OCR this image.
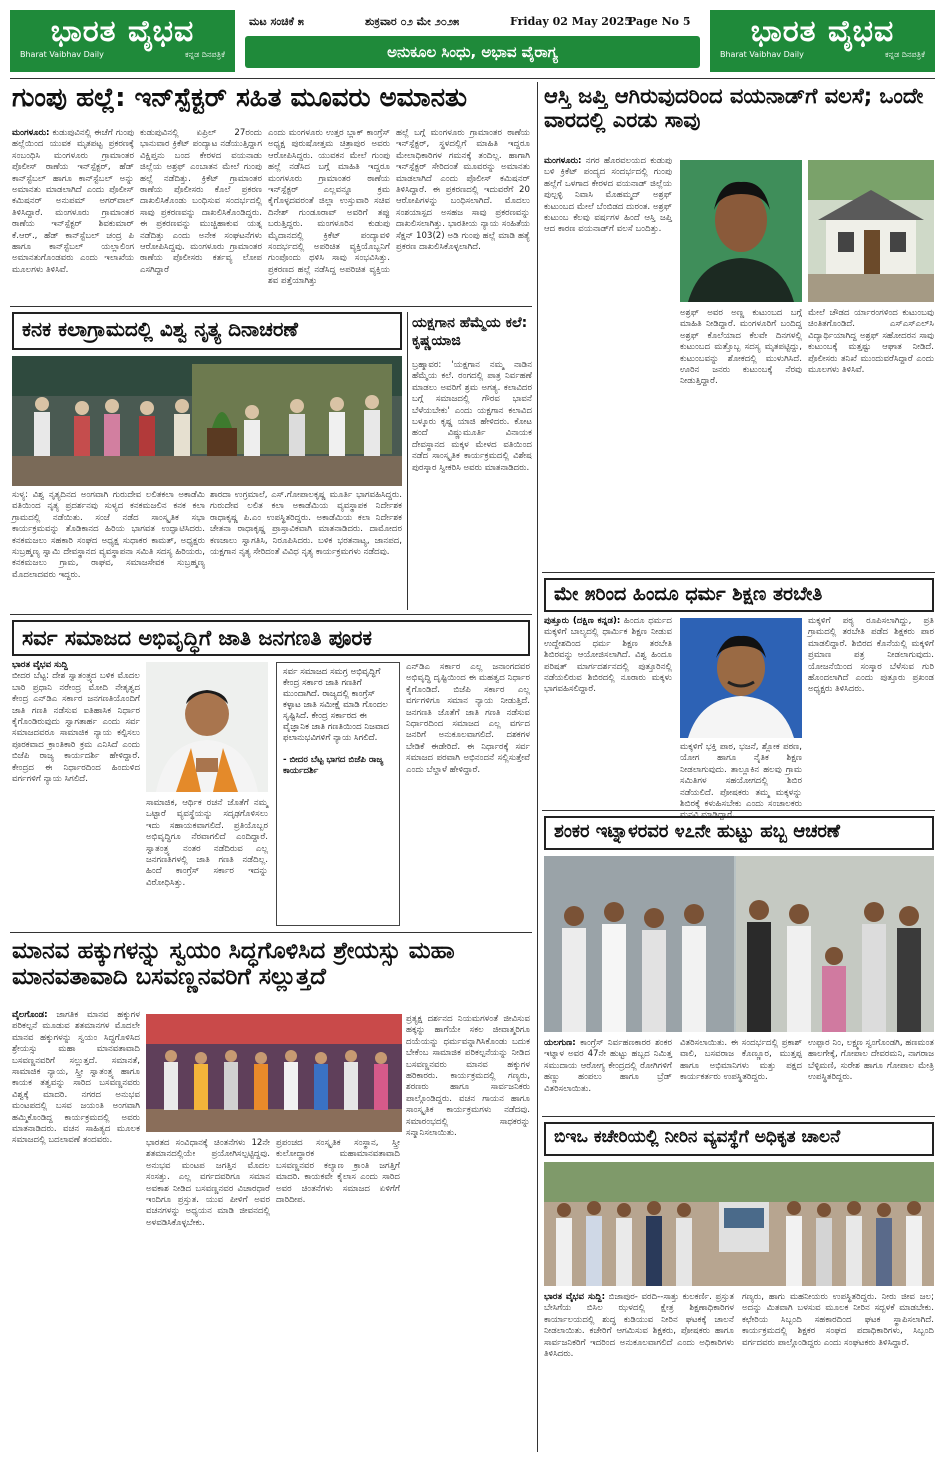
ಭಾರತ ವೈಭವ
Bharat Vaibhav Daily	ಕನ್ನಡ ದಿನಪತ್ರಿಕೆ
ಮಟ ಸಂಚಿಕೆ ೫	ಶುಕ್ರವಾರ ೦೨ ಮೇ ೨೦೨೫	Friday 02 May 2025
Page No 5
ಅನುಕೂಲ ಸಿಂಧು, ಅಭಾವ ವೈರಾಗ್ಯ
ಭಾರತ ವೈಭವ
Bharat Vaibhav Daily	ಕನ್ನಡ ದಿನಪತ್ರಿಕೆ
ಗುಂಪು ಹಲ್ಲೆ: ಇನ್‌ಸ್ಪೆಕ್ಟರ್ ಸಹಿತ ಮೂವರು ಅಮಾನತು
ಮಂಗಳೂರು: ಕುಡುಪುವಿನಲ್ಲಿ ಈಚೆಗೆ ಗುಂಪು ಹಲ್ಲೆಯಿಂದ ಯುವಕ ಮೃತಪಟ್ಟ ಪ್ರಕರಣಕ್ಕೆ ಸಂಬಂಧಿಸಿ ಮಂಗಳೂರು ಗ್ರಾಮಾಂತರ ಪೊಲೀಸ್ ಠಾಣೆಯ ಇನ್‌ಸ್ಪೆಕ್ಟರ್, ಹೆಡ್ ಕಾನ್‌ಸ್ಟೆಬಲ್ ಹಾಗೂ ಕಾನ್‌ಸ್ಟೆಬಲ್ ಅನ್ನು ಅಮಾನತು ಮಾಡಲಾಗಿದೆ ಎಂದು ಪೊಲೀಸ್ ಕಮಿಷನರ್ ಅನುಪಮ್ ಅಗರ್‌ವಾಲ್ ತಿಳಿಸಿದ್ದಾರೆ. ಮಂಗಳೂರು ಗ್ರಾಮಾಂತರ ಠಾಣೆಯ ಇನ್‌ಸ್ಪೆಕ್ಟರ್ ಶಿವಕುಮಾರ್ ಕೆ.ಆರ್., ಹೆಡ್ ಕಾನ್‌ಸ್ಟೆಬಲ್ ಚಂದ್ರ ಪಿ ಹಾಗೂ ಕಾನ್‌ಸ್ಟೆಬಲ್ ಯಲ್ಲಾಲಿಂಗ ಅಮಾನತುಗೊಂಡವರು ಎಂದು ಇಲಾಖೆಯ ಮೂಲಗಳು ತಿಳಿಸಿವೆ.
ಕುಡುಪುವಿನಲ್ಲಿ ಏಪ್ರಿಲ್ 27ರಂದು ಭಾನುವಾರ ಕ್ರಿಕೆಟ್ ಪಂದ್ಯಾಟ ನಡೆಯುತ್ತಿದ್ದಾಗ ವಿಕ್ಷಿಪ್ತನು ಬಂದ ಕೇರಳದ ವಯನಾಡು ಜಿಲ್ಲೆಯ ಅಶ್ರಫ್ ಎಂಬಾತನ ಮೇಲೆ ಗುಂಪು ಹಲ್ಲೆ ನಡೆದಿತ್ತು. ಕ್ರಿಕೆಟ್ ಗ್ರಾಮಾಂತರ ಠಾಣೆಯ ಪೊಲೀಸರು ಕೊಲೆ ಪ್ರಕರಣ ದಾಖಲಿಸಿಕೊಂಡು ಬಂಧಿಸುವ ಸಂದರ್ಭದಲ್ಲಿ ಸಾವು ಪ್ರಕರಣವನ್ನು ದಾಖಲಿಸಿಕೊಂಡಿದ್ದರು. ಈ ಪ್ರಕರಣವನ್ನು ಮುಚ್ಚಿಹಾಕುವ ಯತ್ನ ನಡೆದಿತ್ತು ಎಂದು ಅನೇಕ ಸಂಘಟನೆಗಳು ಆರೋಪಿಸಿದ್ದವು. ಮಂಗಳೂರು ಗ್ರಾಮಾಂತರ ಠಾಣೆಯ ಪೊಲೀಸರು ಕರ್ತವ್ಯ ಲೋಪ ಎಸಗಿದ್ದಾರೆ
ಎಂದು ಮಂಗಳೂರು ಉತ್ತರ ಬ್ಲಾಕ್ ಕಾಂಗ್ರೆಸ್ ಅಧ್ಯಕ್ಷ ಪುರುಷೋತ್ತಮ ಚಿತ್ರಾಪುರ ಅವರು ಆರೋಪಿಸಿದ್ದರು. ಯುವಕನ ಮೇಲೆ ಗುಂಪು ಹಲ್ಲೆ ನಡೆಸಿದ ಬಗ್ಗೆ ಮಾಹಿತಿ ಇದ್ದರೂ ಮಂಗಳೂರು ಗ್ರಾಮಾಂತರ ಠಾಣೆಯ ಇನ್‌ಸ್ಪೆಕ್ಟರ್ ಎಲ್ಲವನ್ನೂ ಕ್ರಮ ಕೈಗೊಳ್ಳದವರಂತೆ ಜಿಲ್ಲಾ ಉಸ್ತುವಾರಿ ಸಚಿವ ದಿನೇಶ್ ಗುಂಡೂರಾವ್ ಅವರಿಗೆ ತಪ್ಪು ಬರುತ್ತಿದ್ದರು. ಮಂಗಳೂರಿನ ಕುಡುಪು ಮೈದಾನದಲ್ಲಿ ಕ್ರಿಕೆಟ್ ಪಂದ್ಯಾವಳಿ ಸಂದರ್ಭದಲ್ಲಿ ಅಪರಿಚಿತ ವ್ಯಕ್ತಿಯೊಬ್ಬನಿಗೆ ಗುಂಪೊಂದು ಥಳಿಸಿ ಸಾವು ಸಂಭವಿಸಿತ್ತು. ಪ್ರಕರಣದ ಹಲ್ಲೆ ನಡೆಸಿದ್ದ ಅಪರಿಚಿತ ವ್ಯಕ್ತಿಯ ಶವ ಪತ್ತೆಯಾಗಿತ್ತು
ಹಲ್ಲೆ ಬಗ್ಗೆ ಮಂಗಳೂರು ಗ್ರಾಮಾಂತರ ಠಾಣೆಯ ಇನ್‌ಸ್ಪೆಕ್ಟರ್, ಸ್ಥಳದಲ್ಲಿಗೆ ಮಾಹಿತಿ ಇದ್ದರೂ ಮೇಲಾಧಿಕಾರಿಗಳ ಗಮನಕ್ಕೆ ತಂದಿಲ್ಲ. ಹಾಗಾಗಿ ಇನ್‌ಸ್ಪೆಕ್ಟರ್ ಸೇರಿದಂತೆ ಮೂವರನ್ನು ಅಮಾನತು ಮಾಡಲಾಗಿದೆ ಎಂದು ಪೊಲೀಸ್ ಕಮಿಷನರ್ ತಿಳಿಸಿದ್ದಾರೆ. ಈ ಪ್ರಕರಣದಲ್ಲಿ ಇದುವರೆಗೆ 20 ಆರೋಪಿಗಳನ್ನು ಬಂಧಿಸಲಾಗಿದೆ. ಮೊದಲು ಸಂಶಯಾಸ್ಪದ ಅಸಹಜ ಸಾವು ಪ್ರಕರಣವನ್ನು ದಾಖಲಿಸಲಾಗಿತ್ತು. ಭಾರತೀಯ ನ್ಯಾಯ ಸಂಹಿತೆಯ ಸೆಕ್ಷನ್ 103(2) ಅಡಿ ಗುಂಪು ಹಲ್ಲೆ ಮಾಡಿ ಹತ್ಯೆ ಪ್ರಕರಣ ದಾಖಲಿಸಿಕೊಳ್ಳಲಾಗಿದೆ.
ಕನಕ ಕಲಾಗ್ರಾಮದಲ್ಲಿ ವಿಶ್ವ ನೃತ್ಯ ದಿನಾಚರಣೆ
ಸುಳ್ಯ: ವಿಶ್ವ ನೃತ್ಯದಿನದ ಅಂಗವಾಗಿ ಗುರುದೇವ ಲಲಿತಕಲಾ ಅಕಾಡೆಮಿ ವತಿಯಿಂದ ನೃತ್ಯ ಪ್ರದರ್ಶನವು ಸುಳ್ಯದ ಕನಕಮಜಲಿನ ಕನಕ ಕಲಾ ಗ್ರಾಮದಲ್ಲಿ ನಡೆಯಿತು. ಸಂಜೆ ನಡೆದ ಸಾಂಸ್ಕೃತಿಕ ಸಭಾ ಕಾರ್ಯಕ್ರಮವನ್ನು ತೊಡಿಕಾನದ ಹಿರಿಯ ಭಾಗವತ ಉದ್ಘಾಟಿಸಿದರು. ಕನಕಮಜಲು ಸಹಕಾರಿ ಸಂಘದ ಅಧ್ಯಕ್ಷ ಸುಧಾಕರ ಕಾಮತ್, ಅಧ್ಯಕ್ಷರು ಸುಬ್ರಹ್ಮಣ್ಯ ಸ್ವಾಮಿ ದೇವಸ್ಥಾನದ ವ್ಯವಸ್ಥಾಪನಾ ಸಮಿತಿ ಸದಸ್ಯ ಹಿರಿಯರು, ಕನಕಮಜಲು ಗ್ರಾಮ, ರಾಘವ, ಸಮಾಜಸೇವಕ ಸುಬ್ರಹ್ಮಣ್ಯ ಮೊದಲಾದವರು ಇದ್ದರು.
ಶಾರದಾ ಉಗ್ರಮಾಲೆ, ಎಸ್.ಗೋಪಾಲಕೃಷ್ಣ ಮೂರ್ತಿ ಭಾಗವಹಿಸಿದ್ದರು. ಗುರುದೇವ ಲಲಿತ ಕಲಾ ಅಕಾಡೆಮಿಯ ವ್ಯವಸ್ಥಾಪಕ ನಿರ್ದೇಶಕ ರಾಧಾಕೃಷ್ಣ ಪಿ.ಎಂ ಉಪಸ್ಥಿತರಿದ್ದರು. ಅಕಾಡೆಮಿಯ ಕಲಾ ನಿರ್ದೇಶಕ ಚೇತನಾ ರಾಧಾಕೃಷ್ಣ ಪ್ರಾಸ್ತಾವಿಕವಾಗಿ ಮಾತನಾಡಿದರು. ದಾಮೋದರ ಕಣಜಾಲು ಸ್ವಾಗತಿಸಿ, ನಿರೂಪಿಸಿದರು. ಬಳಿಕ ಭರತನಾಟ್ಯ, ಜಾನಪದ, ಯಕ್ಷಗಾನ ನೃತ್ಯ ಸೇರಿದಂತೆ ವಿವಿಧ ನೃತ್ಯ ಕಾರ್ಯಕ್ರಮಗಳು ನಡೆದವು.
ಯಕ್ಷಗಾನ ಹೆಮ್ಮೆಯ ಕಲೆ: ಕೃಷ್ಣಯಾಜಿ
ಬ್ರಹ್ಮಾವರ: 'ಯಕ್ಷಗಾನ ನಮ್ಮ ನಾಡಿನ ಹೆಮ್ಮೆಯ ಕಲೆ. ರಂಗದಲ್ಲಿ ಪಾತ್ರ ನಿರ್ವಹಣೆ ಮಾಡಲು ಅವರಿಗೆ ಶ್ರಮ ಅಗತ್ಯ. ಕಲಾವಿದರ ಬಗ್ಗೆ ಸಮಾಜದಲ್ಲಿ ಗೌರವ ಭಾವನೆ ಬೆಳೆಯಬೇಕು' ಎಂದು ಯಕ್ಷಗಾನ ಕಲಾವಿದ ಬಳ್ಕೂರು ಕೃಷ್ಣ ಯಾಜಿ ಹೇಳಿದರು. ಕೋಟ ಹಂದೆ ವಿಷ್ಣುಮೂರ್ತಿ ವಿನಾಯಕ ದೇವಸ್ಥಾನದ ಮಕ್ಕಳ ಮೇಳದ ವತಿಯಿಂದ ನಡೆದ ಸಾಂಸ್ಕೃತಿಕ ಕಾರ್ಯಕ್ರಮದಲ್ಲಿ ವಿಶೇಷ ಪುರಸ್ಕಾರ ಸ್ವೀಕರಿಸಿ ಅವರು ಮಾತನಾಡಿದರು.
ಸರ್ವ ಸಮಾಜದ ಅಭಿವೃದ್ಧಿಗೆ ಜಾತಿ ಜನಗಣತಿ ಪೂರಕ
ಭಾರತ ವೈಭವ ಸುದ್ದಿ
ಬೀದರ ಬೆಟ್ಟ: ದೇಶ ಸ್ವಾತಂತ್ರ್ಯದ ಬಳಿಕ ಮೊದಲ ಬಾರಿ ಪ್ರಧಾನಿ ನರೇಂದ್ರ ಮೋದಿ ನೇತೃತ್ವದ ಕೇಂದ್ರ ಎನ್‌ಡಿಎ ಸರ್ಕಾರ ಜನಗಣತಿಯೊಂದಿಗೆ ಜಾತಿ ಗಣತಿ ನಡೆಸುವ ಐತಿಹಾಸಿಕ ನಿರ್ಧಾರ ಕೈಗೊಂಡಿರುವುದು ಸ್ವಾಗತಾರ್ಹ ಎಂದು ಸರ್ವ ಸಮಾಜದವರೂ ಸಾಮಾಜಿಕ ನ್ಯಾಯ ಕಲ್ಪಿಸಲು ಪೂರಕವಾದ ಕ್ರಾಂತಿಕಾರಿ ಕ್ರಮ ಎನಿಸಿದೆ ಎಂದು ಬಿಜೆಪಿ ರಾಜ್ಯ ಕಾರ್ಯದರ್ಶಿ ಹೇಳಿದ್ದಾರೆ. ಕೇಂದ್ರದ ಈ ನಿರ್ಧಾರದಿಂದ ಹಿಂದುಳಿದ ವರ್ಗಗಳಿಗೆ ನ್ಯಾಯ ಸಿಗಲಿದೆ.
ಸಾಮಾಜಿಕ, ಆರ್ಥಿಕ ರಚನೆ ಜೊತೆಗೆ ನಮ್ಮ ಒಟ್ಟಾರೆ ವ್ಯವಸ್ಥೆಯನ್ನು ಸದೃಢಗೊಳಿಸಲು ಇದು ಸಹಾಯಕವಾಗಲಿದೆ. ಪ್ರತಿಯೊಬ್ಬರ ಅಭಿವೃದ್ಧಿಗೂ ನೆರವಾಗಲಿದೆ ಎಂದಿದ್ದಾರೆ. ಸ್ವಾತಂತ್ರ್ಯ ನಂತರ ನಡೆದಿರುವ ಎಲ್ಲ ಜನಗಣತಿಗಳಲ್ಲಿ ಜಾತಿ ಗಣತಿ ನಡೆದಿಲ್ಲ. ಹಿಂದೆ ಕಾಂಗ್ರೆಸ್ ಸರ್ಕಾರ ಇದನ್ನು ವಿರೋಧಿಸಿತ್ತು.
ಸರ್ವ ಸಮಾಜದ ಸಮಗ್ರ ಅಭಿವೃದ್ಧಿಗೆ ಕೇಂದ್ರ ಸರ್ಕಾರ ಜಾತಿ ಗಣತಿಗೆ ಮುಂದಾಗಿದೆ. ರಾಜ್ಯದಲ್ಲಿ ಕಾಂಗ್ರೆಸ್ ಕಳ್ಳಾಟ ಜಾತಿ ಸಮೀಕ್ಷೆ ಮಾಡಿ ಗೊಂದಲ ಸೃಷ್ಟಿಸಿದೆ. ಕೇಂದ್ರ ಸರ್ಕಾರದ ಈ ವೈಜ್ಞಾನಿಕ ಜಾತಿ ಗಣತಿಯಿಂದ ನಿಜವಾದ ಫಲಾನುಭವಿಗಳಿಗೆ ನ್ಯಾಯ ಸಿಗಲಿದೆ.

- ಬೀದರ ಬೆಟ್ಟ ಭಾಗದ ಬಿಜೆಪಿ ರಾಜ್ಯ ಕಾರ್ಯದರ್ಶಿ
ಎನ್‌ಡಿಎ ಸರ್ಕಾರ ಎಲ್ಲ ಜನಾಂಗದವರ ಅಭಿವೃದ್ಧಿ ದೃಷ್ಟಿಯಿಂದ ಈ ಮಹತ್ವದ ನಿರ್ಧಾರ ಕೈಗೊಂಡಿದೆ. ಬಿಜೆಪಿ ಸರ್ಕಾರ ಎಲ್ಲ ವರ್ಗಗಳಿಗೂ ಸಮಾನ ನ್ಯಾಯ ನೀಡುತ್ತಿದೆ. ಜನಗಣತಿ ಜೊತೆಗೆ ಜಾತಿ ಗಣತಿ ನಡೆಸುವ ನಿರ್ಧಾರದಿಂದ ಸಮಾಜದ ಎಲ್ಲ ವರ್ಗದ ಜನರಿಗೆ ಅನುಕೂಲವಾಗಲಿದೆ. ದಶಕಗಳ ಬೇಡಿಕೆ ಈಡೇರಿದೆ. ಈ ನಿರ್ಧಾರಕ್ಕೆ ಸರ್ವ ಸಮಾಜದ ಪರವಾಗಿ ಅಭಿನಂದನೆ ಸಲ್ಲಿಸುತ್ತೇವೆ ಎಂದು ಬೆಲ್ದಾಳೆ ಹೇಳಿದ್ದಾರೆ.
ಮಾನವ ಹಕ್ಕುಗಳನ್ನು ಸ್ವಯಂ ಸಿದ್ಧಗೊಳಿಸಿದ ಶ್ರೇಯಸ್ಸು ಮಹಾ ಮಾನವತಾವಾದಿ ಬಸವಣ್ಣನವರಿಗೆ ಸಲ್ಲುತ್ತದೆ
ವೈಲಗೊಂಡ: ಜಾಗತಿಕ ಮಾನವ ಹಕ್ಕುಗಳ ಪರಿಕಲ್ಪನೆ ಮೂಡುವ ಶತಮಾನಗಳ ಮೊದಲೇ ಮಾನವ ಹಕ್ಕುಗಳನ್ನು ಸ್ವಯಂ ಸಿದ್ಧಗೊಳಿಸಿದ ಶ್ರೇಯಸ್ಸು ಮಹಾ ಮಾನವತಾವಾದಿ ಬಸವಣ್ಣನವರಿಗೆ ಸಲ್ಲುತ್ತದೆ. ಸಮಾನತೆ, ಸಾಮಾಜಿಕ ನ್ಯಾಯ, ಸ್ತ್ರೀ ಸ್ವಾತಂತ್ರ್ಯ ಹಾಗೂ ಕಾಯಕ ತತ್ವವನ್ನು ಸಾರಿದ ಬಸವಣ್ಣನವರು ವಿಶ್ವಕ್ಕೆ ಮಾದರಿ. ನಗರದ ಅನುಭವ ಮಂಟಪದಲ್ಲಿ ಬಸವ ಜಯಂತಿ ಅಂಗವಾಗಿ ಹಮ್ಮಿಕೊಂಡಿದ್ದ ಕಾರ್ಯಕ್ರಮದಲ್ಲಿ ಅವರು ಮಾತನಾಡಿದರು. ವಚನ ಸಾಹಿತ್ಯದ ಮೂಲಕ ಸಮಾಜದಲ್ಲಿ ಬದಲಾವಣೆ ತಂದವರು.	ಭಾರತದ ಸಂವಿಧಾನಕ್ಕೆ ಚಿಂತನೆಗಳು 12ನೇ ಶತಮಾನದಲ್ಲಿಯೇ ಪ್ರಯೋಗಿಸಲ್ಪಟ್ಟಿದ್ದವು. ಅನುಭವ ಮಂಟಪ ಜಗತ್ತಿನ ಮೊದಲ ಸಂಸತ್ತು. ಎಲ್ಲ ವರ್ಗದವರಿಗೂ ಸಮಾನ ಅವಕಾಶ ನೀಡಿದ ಬಸವಣ್ಣನವರ ವಿಚಾರಧಾರೆ ಇಂದಿಗೂ ಪ್ರಸ್ತುತ. ಯುವ ಪೀಳಿಗೆ ಅವರ ವಚನಗಳನ್ನು ಅಧ್ಯಯನ ಮಾಡಿ ಜೀವನದಲ್ಲಿ ಅಳವಡಿಸಿಕೊಳ್ಳಬೇಕು.
ಪ್ರಪಂಚದ ಸಂಸ್ಕೃತಿಕ ಸಂಸ್ಥಾನ, ಸ್ತ್ರೀ ಕುಲೋದ್ಧಾರಕ ಮಹಾಮಾನವತಾವಾದಿ ಬಸವಣ್ಣನವರ ಕಲ್ಯಾಣ ಕ್ರಾಂತಿ ಜಗತ್ತಿಗೆ ಮಾದರಿ. ಕಾಯಕವೇ ಕೈಲಾಸ ಎಂದು ಸಾರಿದ ಅವರ ಚಿಂತನೆಗಳು ಸಮಾಜದ ಏಳಿಗೆಗೆ ದಾರಿದೀಪ.
ಪ್ರತ್ಯಕ್ಷ ದರ್ಶನದ ನಿಯಮಗಳಂತೆ ಜೀವಿಸುವ ಹಕ್ಕನ್ನು ಹಾಗೆಯೇ ಸಕಲ ಜೀವಾತ್ಮರಿಗೂ ದಯೆಯನ್ನು ಧರ್ಮವನ್ನಾಗಿಸಿಕೊಂಡು ಬದುಕ ಬೇಕೆಂಬ ಸಾಮಾಜಿಕ ಪರಿಕಲ್ಪನೆಯನ್ನು ನೀಡಿದ ಬಸವಣ್ಣನವರು ಮಾನವ ಹಕ್ಕುಗಳ ಹರಿಕಾರರು. ಕಾರ್ಯಕ್ರಮದಲ್ಲಿ ಗಣ್ಯರು, ಶರಣರು ಹಾಗೂ ಸಾರ್ವಜನಿಕರು ಪಾಲ್ಗೊಂಡಿದ್ದರು. ವಚನ ಗಾಯನ ಹಾಗೂ ಸಾಂಸ್ಕೃತಿಕ ಕಾರ್ಯಕ್ರಮಗಳು ನಡೆದವು. ಸಮಾರಂಭದಲ್ಲಿ ಸಾಧಕರನ್ನು ಸನ್ಮಾನಿಸಲಾಯಿತು.
ಆಸ್ತಿ ಜಪ್ತಿ ಆಗಿರುವುದರಿಂದ ವಯನಾಡ್‌ಗೆ ವಲಸೆ; ಒಂದೇ ವಾರದಲ್ಲಿ ಎರಡು ಸಾವು
ಮಂಗಳೂರು: ನಗರ ಹೊರವಲಯದ ಕುಡುಪು ಬಳಿ ಕ್ರಿಕೆಟ್ ಪಂದ್ಯದ ಸಂದರ್ಭದಲ್ಲಿ ಗುಂಪು ಹಲ್ಲೆಗೆ ಒಳಗಾದ ಕೇರಳದ ವಯನಾಡ್ ಜಿಲ್ಲೆಯ ಪುಲ್ಪಳ್ಳಿ ನಿವಾಸಿ ಮೊಹಮ್ಮದ್ ಅಶ್ರಫ್ ಕುಟುಂಬದ ಮೇಲೆ ಬೆಂಬಿಡದ ದುರಂತ. ಅಶ್ರಫ್ ಕುಟುಂಬ ಕೆಲವು ವರ್ಷಗಳ ಹಿಂದೆ ಆಸ್ತಿ ಜಪ್ತಿ ಆದ ಕಾರಣ ವಯನಾಡ್‌ಗೆ ವಲಸೆ ಬಂದಿತ್ತು.
ಅಶ್ರಫ್ ಅವರ ಅಣ್ಣ ಕುಟುಂಬದ ಬಗ್ಗೆ ಮಾಹಿತಿ ನೀಡಿದ್ದಾರೆ. ಮಂಗಳೂರಿಗೆ ಬಂದಿದ್ದ ಅಶ್ರಫ್ ಕೊಲೆಯಾದ ಕೆಲವೇ ದಿನಗಳಲ್ಲಿ ಕುಟುಂಬದ ಮತ್ತೊಬ್ಬ ಸದಸ್ಯ ಮೃತಪಟ್ಟಿದ್ದು, ಕುಟುಂಬವನ್ನು ಶೋಕದಲ್ಲಿ ಮುಳುಗಿಸಿದೆ. ಊರಿನ ಜನರು ಕುಟುಂಬಕ್ಕೆ ನೆರವು ನೀಡುತ್ತಿದ್ದಾರೆ.
ಮೇಲೆ ಚೌಡದ ರ್ಯಾರಂಗಳಿಂದ ಕುಟುಂಬವು ಚಿಂತಿತಗೊಂಡಿದೆ. ಎಸ್‌ಎಸ್‌ಎಲ್‌ಸಿ ವಿದ್ಯಾರ್ಥಿಯಾಗಿದ್ದ ಅಶ್ರಫ್ ಸಹೋದರನ ಸಾವು ಕುಟುಂಬಕ್ಕೆ ಮತ್ತಷ್ಟು ಆಘಾತ ನೀಡಿದೆ. ಪೊಲೀಸರು ತನಿಖೆ ಮುಂದುವರೆಸಿದ್ದಾರೆ ಎಂದು ಮೂಲಗಳು ತಿಳಿಸಿವೆ.
ಮೇ ೫ರಿಂದ ಹಿಂದೂ ಧರ್ಮ ಶಿಕ್ಷಣ ತರಬೇತಿ
ಪುತ್ತೂರು (ದಕ್ಷಿಣ ಕನ್ನಡ): ಹಿಂದೂ ಧರ್ಮದ ಮಕ್ಕಳಿಗೆ ಬಾಲ್ಯದಲ್ಲಿ ಧಾರ್ಮಿಕ ಶಿಕ್ಷಣ ನೀಡುವ ಉದ್ದೇಶದಿಂದ ಧರ್ಮ ಶಿಕ್ಷಣ ತರಬೇತಿ ಶಿಬಿರವನ್ನು ಆಯೋಜಿಸಲಾಗಿದೆ. ವಿಶ್ವ ಹಿಂದೂ ಪರಿಷತ್ ಮಾರ್ಗದರ್ಶನದಲ್ಲಿ ಪುತ್ತೂರಿನಲ್ಲಿ ನಡೆಯಲಿರುವ ಶಿಬಿರದಲ್ಲಿ ನೂರಾರು ಮಕ್ಕಳು ಭಾಗವಹಿಸಲಿದ್ದಾರೆ.
ಮಕ್ಕಳಿಗೆ ಭಕ್ತಿ ಪಾಠ, ಭಜನೆ, ಶ್ಲೋಕ ಪಠಣ, ಯೋಗ ಹಾಗೂ ನೈತಿಕ ಶಿಕ್ಷಣ ನೀಡಲಾಗುವುದು. ತಾಲ್ಲೂಕಿನ ಹಲವು ಗ್ರಾಮ ಸಮಿತಿಗಳ ಸಹಯೋಗದಲ್ಲಿ ಶಿಬಿರ ನಡೆಯಲಿದೆ. ಪೋಷಕರು ತಮ್ಮ ಮಕ್ಕಳನ್ನು ಶಿಬಿರಕ್ಕೆ ಕಳುಹಿಸಬೇಕು ಎಂದು ಸಂಚಾಲಕರು ಮನವಿ ಮಾಡಿದ್ದಾರೆ.
ಮಕ್ಕಳಿಗೆ ಪಠ್ಯ ರೂಪಿಸಲಾಗಿದ್ದು, ಪ್ರತಿ ಗ್ರಾಮದಲ್ಲಿ ತರಬೇತಿ ಪಡೆದ ಶಿಕ್ಷಕರು ಪಾಠ ಮಾಡಲಿದ್ದಾರೆ. ಶಿಬಿರದ ಕೊನೆಯಲ್ಲಿ ಮಕ್ಕಳಿಗೆ ಪ್ರಮಾಣ ಪತ್ರ ನೀಡಲಾಗುವುದು. ಯೋಜನೆಯಿಂದ ಸಂಸ್ಕಾರ ಬೆಳೆಸುವ ಗುರಿ ಹೊಂದಲಾಗಿದೆ ಎಂದು ಪುತ್ತೂರು ಪ್ರಖಂಡ ಅಧ್ಯಕ್ಷರು ತಿಳಿಸಿದರು.
ಶಂಕರ ಇಟ್ನಾಳರವರ ೪೭ನೇ ಹುಟ್ಟು ಹಬ್ಬ ಆಚರಣೆ
ಯಲಗುಣ: ಕಾಂಗ್ರೆಸ್ ನಿರ್ವಹಣಕಾರರ ಶಂಕರ ಇಟ್ನಾಳ ಅವರ 47ನೇ ಹುಟ್ಟು ಹಬ್ಬದ ನಿಮಿತ್ತ ಸಮುದಾಯ ಆರೋಗ್ಯ ಕೇಂದ್ರದಲ್ಲಿ ರೋಗಿಗಳಿಗೆ ಹಣ್ಣು ಹಂಪಲು ಹಾಗೂ ಬ್ರೆಡ್ ವಿತರಿಸಲಾಯಿತು.
ವಿತರಿಸಲಾಯಿತು. ಈ ಸಂದರ್ಭದಲ್ಲಿ ಪ್ರಕಾಶ್ ವಾಲಿ, ಬಸವರಾಜ ಕೊಣ್ಣೂರ, ಮುತ್ತಪ್ಪ ಹಾಗೂ ಅಭಿಮಾನಿಗಳು ಮತ್ತು ಪಕ್ಷದ ಕಾರ್ಯಕರ್ತರು ಉಪಸ್ಥಿತರಿದ್ದರು.
ಉಪ್ಪಾರ ನಿಂ, ಲಕ್ಷ್ಮಣ ಸ್ವಂಗೊಂಡಗಿ, ಹಣಮಂತ ಹಾಲಗೇಕ್ಕೆ, ಗೋಪಾಲ ದೇವರಮನಿ, ನಾಗರಾಜ ಬೆಳ್ಳಿಮಣಿ, ಸುರೇಶ ಹಾಗೂ ಗೋಪಾಲ ಮೇತ್ರಿ ಉಪಸ್ಥಿತರಿದ್ದರು.
ಬಿಇಒ ಕಚೇರಿಯಲ್ಲಿ ನೀರಿನ ವ್ಯವಸ್ಥೆಗೆ ಅಧಿಕೃತ ಚಾಲನೆ
ಭಾರತ ವೈಭವ ಸುದ್ದಿ: ಬಿಜಾಪುರ- ವರದಿ--ಸಾತ್ತು ಕುಲಕರ್ಣಿ. ಪ್ರಸ್ತುತ ಬೇಸಿಗೆಯ ಬಿಸಿಲ ಝಳದಲ್ಲಿ ಕ್ಷೇತ್ರ ಶಿಕ್ಷಣಾಧಿಕಾರಿಗಳ ಕಾರ್ಯಾಲಯದಲ್ಲಿ ಶುದ್ಧ ಕುಡಿಯುವ ನೀರಿನ ಘಟಕಕ್ಕೆ ಚಾಲನೆ ನೀಡಲಾಯಿತು. ಕಚೇರಿಗೆ ಆಗಮಿಸುವ ಶಿಕ್ಷಕರು, ಪೋಷಕರು ಹಾಗೂ ಸಾರ್ವಜನಿಕರಿಗೆ ಇದರಿಂದ ಅನುಕೂಲವಾಗಲಿದೆ ಎಂದು ಅಧಿಕಾರಿಗಳು ತಿಳಿಸಿದರು.
ಗಣ್ಯರು, ಹಾಗು ಮಹನೀಯರು ಉಪಸ್ಥಿತರಿದ್ದರು. ನೀರು ಜೀವ ಜಲ; ಅದನ್ನು ಮಿತವಾಗಿ ಬಳಸುವ ಮೂಲಕ ನೀರಿನ ಸದ್ಬಳಕೆ ಮಾಡಬೇಕು. ಕಛೇರಿಯ ಸಿಬ್ಬಂದಿ ಸಹಕಾರದಿಂದ ಘಟಕ ಸ್ಥಾಪಿಸಲಾಗಿದೆ. ಕಾರ್ಯಕ್ರಮದಲ್ಲಿ ಶಿಕ್ಷಕರ ಸಂಘದ ಪದಾಧಿಕಾರಿಗಳು, ಸಿಬ್ಬಂದಿ ವರ್ಗದವರು ಪಾಲ್ಗೊಂಡಿದ್ದರು ಎಂದು ಸಂಘಟಕರು ತಿಳಿಸಿದ್ದಾರೆ.
